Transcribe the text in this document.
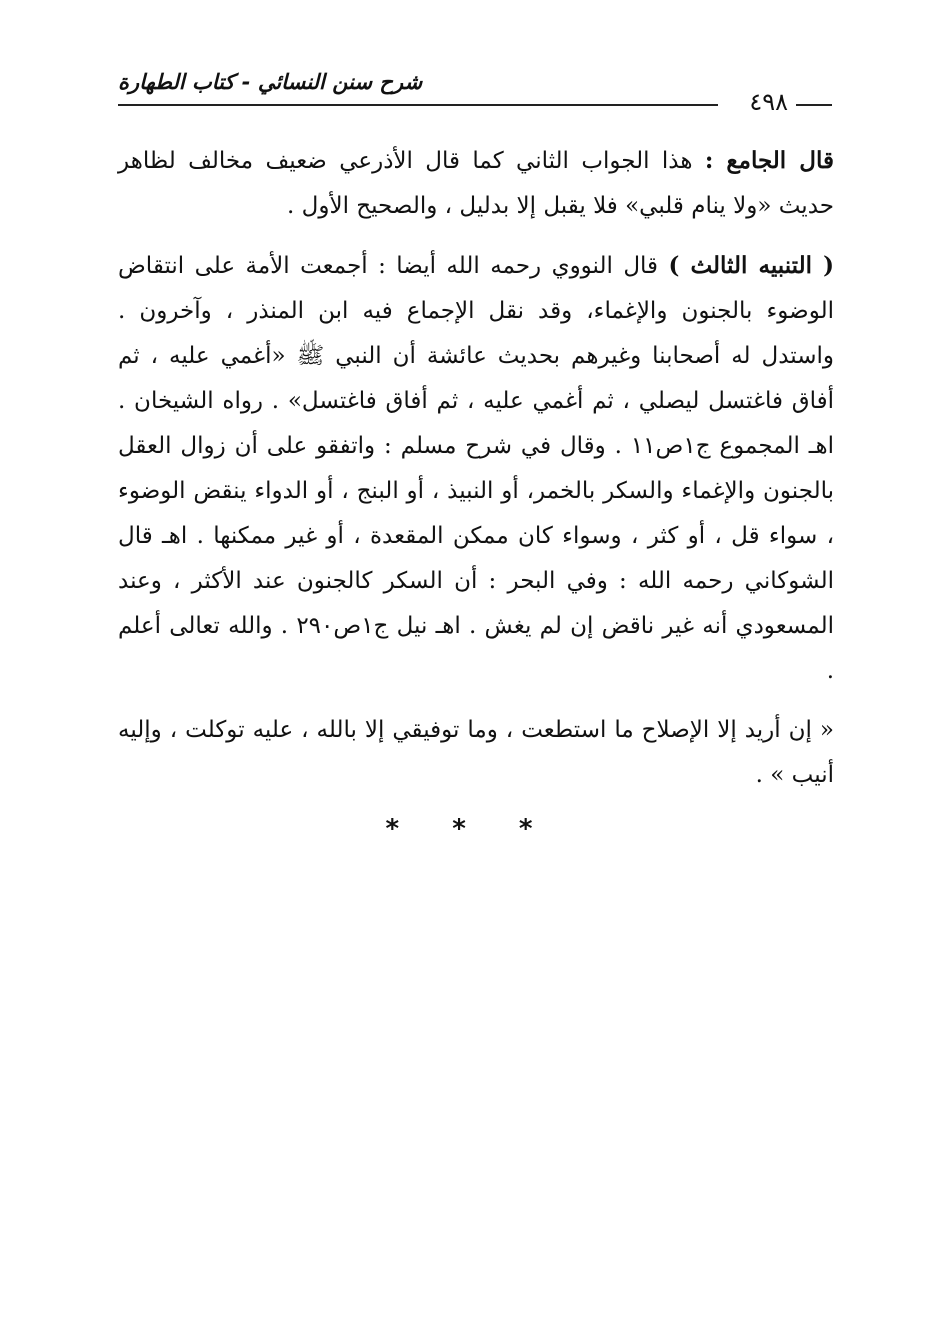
شرح سنن النسائي - كتاب الطهارة
٤٩٨

قال الجامع : هذا الجواب الثاني كما قال الأذرعي ضعيف مخالف لظاهر حديث «ولا ينام قلبي» فلا يقبل إلا بدليل ، والصحيح الأول .

( التنبيه الثالث ) قال النووي رحمه الله أيضا : أجمعت الأمة على انتقاض الوضوء بالجنون والإغماء، وقد نقل الإجماع فيه ابن المنذر ، وآخرون . واستدل له أصحابنا وغيرهم بحديث عائشة أن النبي ﷺ «أغمي عليه ، ثم أفاق فاغتسل ليصلي ، ثم أغمي عليه ، ثم أفاق فاغتسل» . رواه الشيخان . اهـ المجموع ج١ص١١ . وقال في شرح مسلم : واتفقو على أن زوال العقل بالجنون والإغماء والسكر بالخمر، أو النبيذ ، أو البنج ، أو الدواء ينقض الوضوء ، سواء قل ، أو كثر ، وسواء كان ممكن المقعدة ، أو غير ممكنها . اهـ قال الشوكاني رحمه الله : وفي البحر : أن السكر كالجنون عند الأكثر ، وعند المسعودي أنه غير ناقض إن لم يغش . اهـ نيل ج١ص٢٩٠ . والله تعالى أعلم .

« إن أريد إلا الإصلاح ما استطعت ، وما توفيقي إلا بالله ، عليه توكلت ، وإليه أنيب » .

* * *
